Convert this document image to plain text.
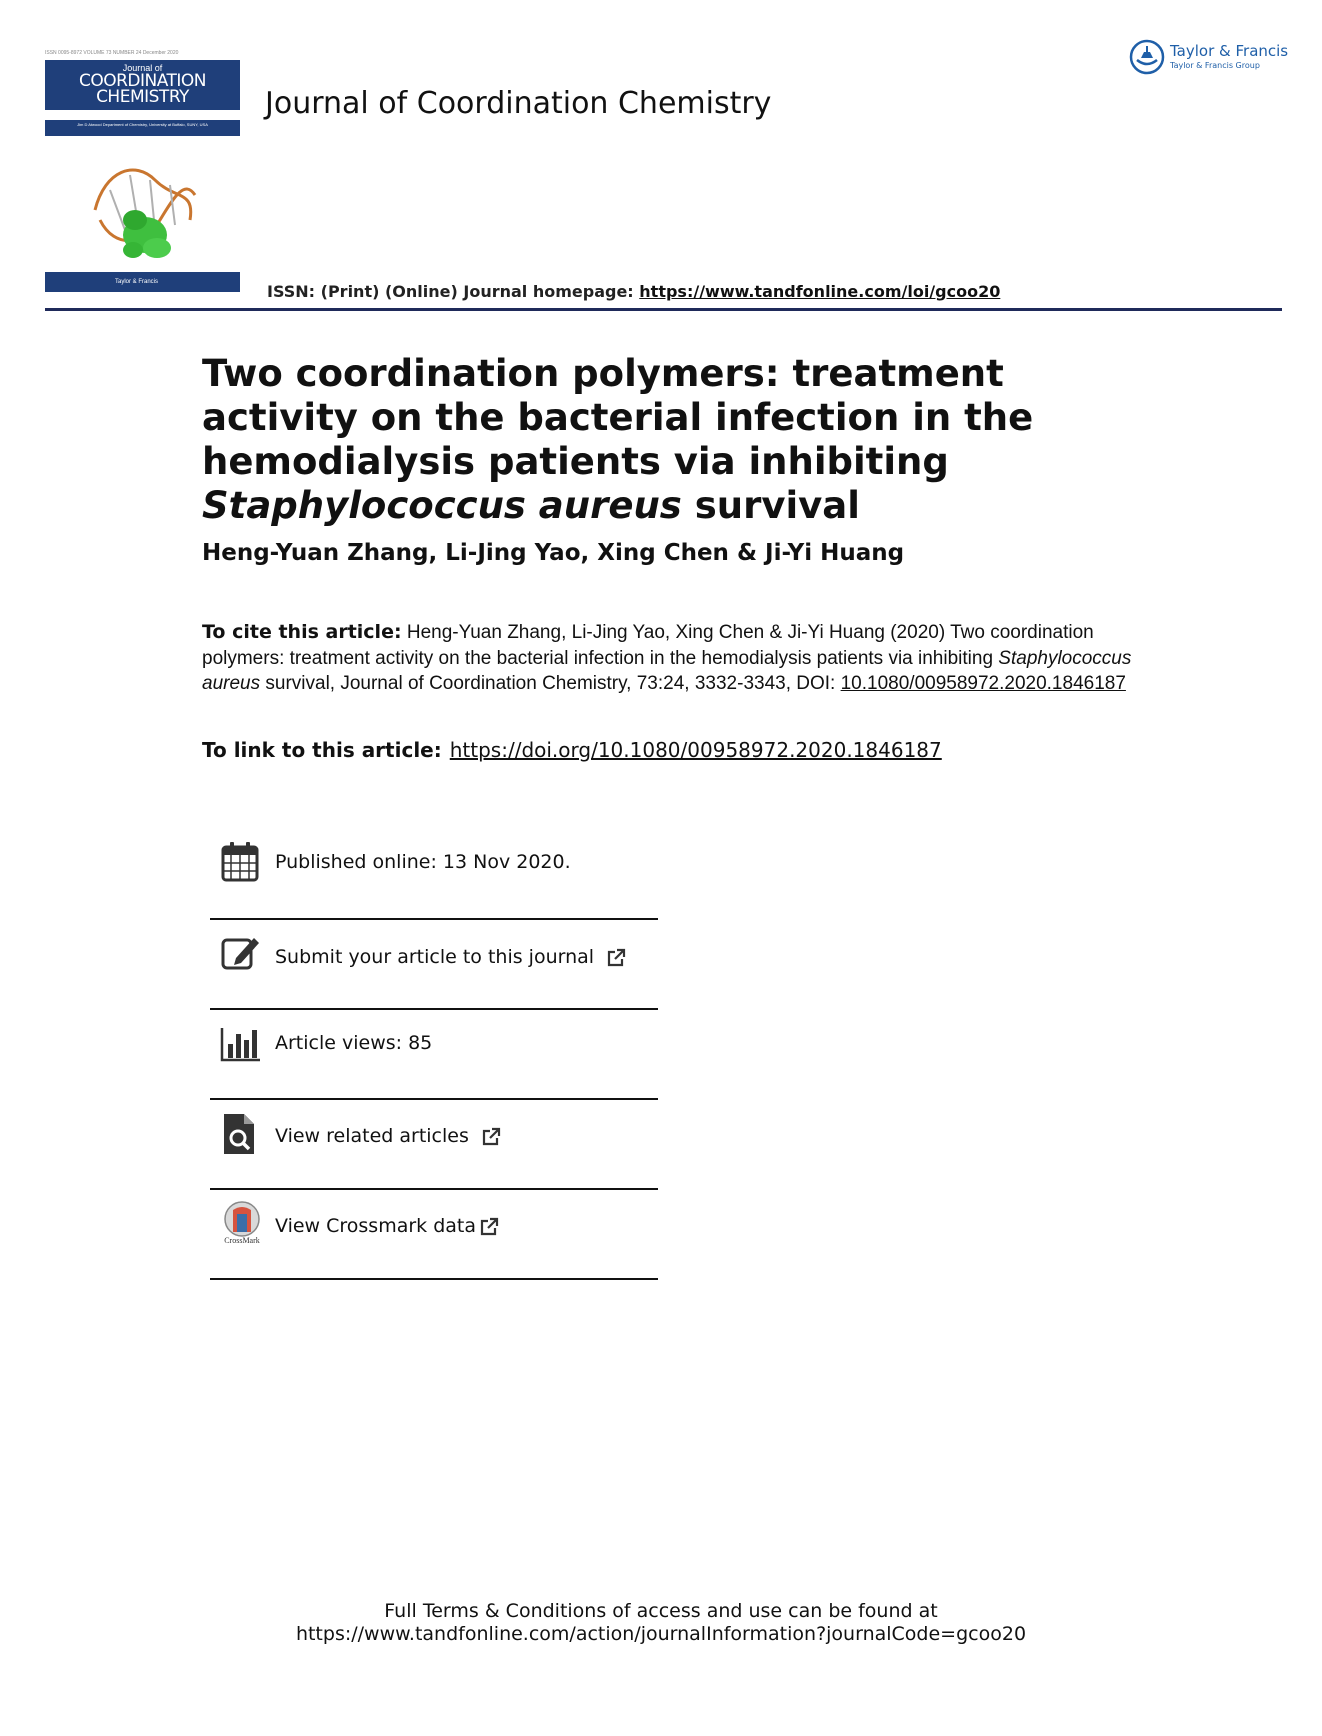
ISSN 0095-8972 VOLUME 73 NUMBER 24 December 2020
Journal of
COORDINATION
CHEMISTRY
Jim D Atwood Department of Chemistry, University at Buffalo, SUNY, USA
Taylor & Francis
Journal of Coordination Chemistry
ISSN: (Print) (Online) Journal homepage: https://www.tandfonline.com/loi/gcoo20
Taylor & Francis
Taylor & Francis Group
Two coordination polymers: treatment activity on the bacterial infection in the hemodialysis patients via inhibiting Staphylococcus aureus survival
Heng-Yuan Zhang, Li-Jing Yao, Xing Chen & Ji-Yi Huang
To cite this article: Heng-Yuan Zhang, Li-Jing Yao, Xing Chen & Ji-Yi Huang (2020) Two coordination polymers: treatment activity on the bacterial infection in the hemodialysis patients via inhibiting Staphylococcus aureus survival, Journal of Coordination Chemistry, 73:24, 3332-3343, DOI: 10.1080/00958972.2020.1846187
To link to this article: https://doi.org/10.1080/00958972.2020.1846187
Published online: 13 Nov 2020.
Submit your article to this journal
Article views: 85
View related articles
CrossMark
View Crossmark data
Full Terms & Conditions of access and use can be found at
https://www.tandfonline.com/action/journalInformation?journalCode=gcoo20
